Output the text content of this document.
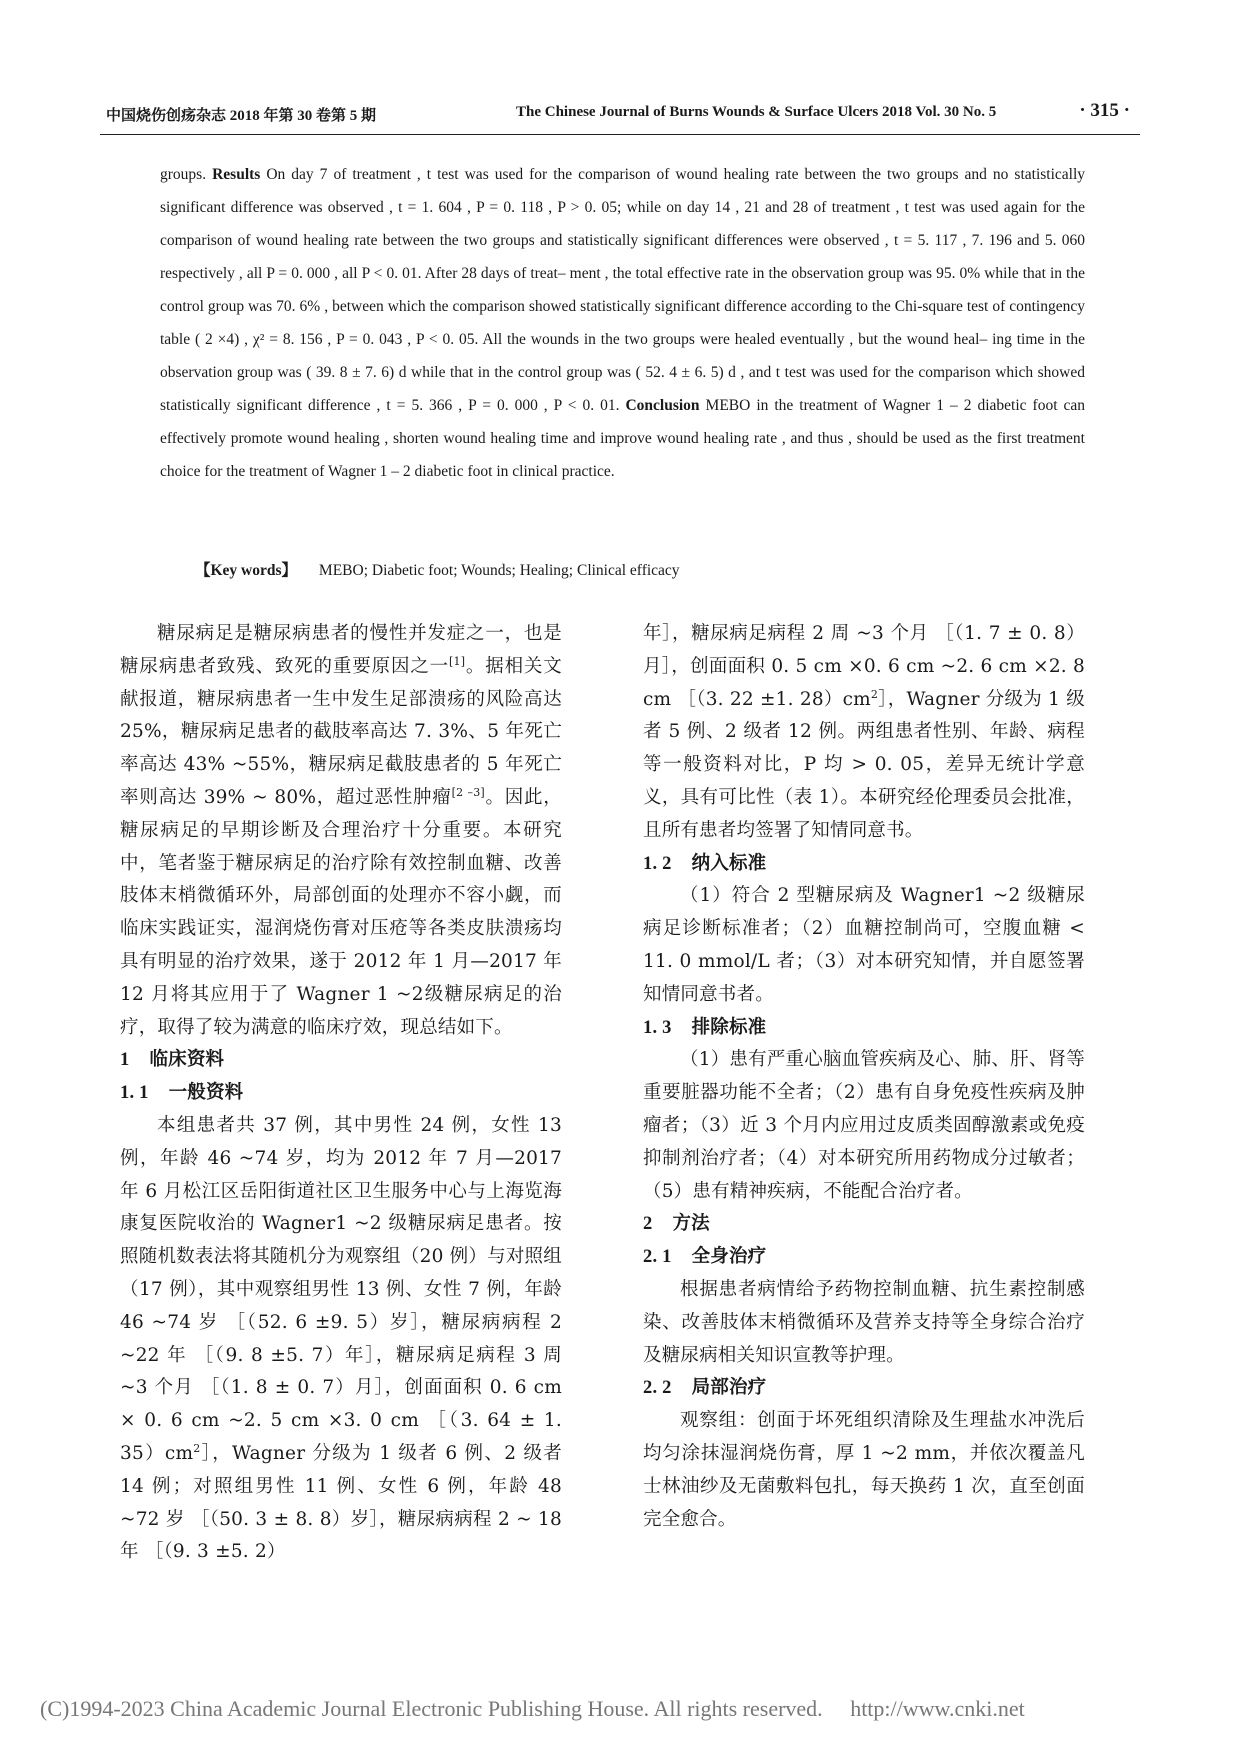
中国烧伤创疡杂志 2018 年第 30 卷第 5 期	The Chinese Journal of Burns Wounds & Surface Ulcers 2018 Vol. 30 No. 5	· 315 ·
groups. Results On day 7 of treatment , t test was used for the comparison of wound healing rate between the two groups and no statistically significant difference was observed , t = 1. 604 , P = 0. 118 , P > 0. 05; while on day 14 , 21 and 28 of treatment , t test was used again for the comparison of wound healing rate between the two groups and statistically significant differences were observed , t = 5. 117 , 7. 196 and 5. 060 respectively , all P = 0. 000 , all P < 0. 01. After 28 days of treat– ment , the total effective rate in the observation group was 95. 0% while that in the control group was 70. 6% , between which the comparison showed statistically significant difference according to the Chi-square test of contingency table ( 2 ×4) , χ² = 8. 156 , P = 0. 043 , P < 0. 05. All the wounds in the two groups were healed eventually , but the wound heal– ing time in the observation group was ( 39. 8 ± 7. 6) d while that in the control group was ( 52. 4 ± 6. 5) d , and t test was used for the comparison which showed statistically significant difference , t = 5. 366 , P = 0. 000 , P < 0. 01. Conclusion MEBO in the treatment of Wagner 1 – 2 diabetic foot can effectively promote wound healing , shorten wound healing time and improve wound healing rate , and thus , should be used as the first treatment choice for the treatment of Wagner 1 – 2 diabetic foot in clinical practice.
【Key words】 MEBO; Diabetic foot; Wounds; Healing; Clinical efficacy

糖尿病足是糖尿病患者的慢性并发症之一，也是糖尿病患者致残、致死的重要原因之一[1]。据相关文献报道，糖尿病患者一生中发生足部溃疡的风险高达 25%，糖尿病足患者的截肢率高达 7. 3%、5 年死亡率高达 43% ~55%，糖尿病足截肢患者的 5 年死亡率则高达 39% ~ 80%，超过恶性肿瘤[2 –3]。因此，糖尿病足的早期诊断及合理治疗十分重要。本研究中，笔者鉴于糖尿病足的治疗除有效控制血糖、改善肢体末梢微循环外，局部创面的处理亦不容小觑，而临床实践证实，湿润烧伤膏对压疮等各类皮肤溃疡均具有明显的治疗效果，遂于 2012 年 1 月—2017 年 12 月将其应用于了 Wagner 1 ~2级糖尿病足的治疗，取得了较为满意的临床疗效，现总结如下。

1 临床资料
1. 1 一般资料

本组患者共 37 例，其中男性 24 例，女性 13 例，年龄 46 ~74 岁，均为 2012 年 7 月—2017 年 6 月松江区岳阳街道社区卫生服务中心与上海览海康复医院收治的 Wagner1 ~2 级糖尿病足患者。按照随机数表法将其随机分为观察组（20 例）与对照组（17 例），其中观察组男性 13 例、女性 7 例，年龄 46 ~74 岁 ［（52. 6 ±9. 5）岁］，糖尿病病程 2 ~22 年 ［（9. 8 ±5. 7）年］，糖尿病足病程 3 周 ~3 个月 ［（1. 8 ± 0. 7）月］，创面面积 0. 6 cm × 0. 6 cm ~2. 5 cm ×3. 0 cm ［（3. 64 ± 1. $35)cm^2]$，Wagner 分级为 1 级者 6 例、2 级者 14 例；对照组男性 11 例、女性 6 例，年龄 48 ~72 岁 ［（50. 3 ± 8. 8）岁］，糖尿病病程 2 ~ 18 年 ［（9. 3 ±5. 2）

年］，糖尿病足病程 2 周 ~3 个月 ［（1. 7 ± 0. 8）月］，创面面积 0. 5 cm ×0. 6 cm ~2. 6 cm ×2. 8 cm ［（3. 22 ±1. $28)cm^2]$，Wagner 分级为 1 级者 5 例、2 级者 12 例。两组患者性别、年龄、病程等一般资料对比，P 均 > 0. 05，差异无统计学意义，具有可比性（表 1）。本研究经伦理委员会批准，且所有患者均签署了知情同意书。

1. 2 纳入标准

（1）符合 2 型糖尿病及 Wagner1 ~2 级糖尿病足诊断标准者；（2）血糖控制尚可，空腹血糖 < 11. 0 mmol/L 者；（3）对本研究知情，并自愿签署知情同意书者。

1. 3 排除标准

（1）患有严重心脑血管疾病及心、肺、肝、肾等重要脏器功能不全者；（2）患有自身免疫性疾病及肿瘤者；（3）近 3 个月内应用过皮质类固醇激素或免疫抑制剂治疗者；（4）对本研究所用药物成分过敏者；（5）患有精神疾病，不能配合治疗者。

2 方法
2. 1 全身治疗

根据患者病情给予药物控制血糖、抗生素控制感染、改善肢体末梢微循环及营养支持等全身综合治疗及糖尿病相关知识宣教等护理。

2. 2 局部治疗

观察组：创面于坏死组织清除及生理盐水冲洗后均匀涂抹湿润烧伤膏，厚 1 ~2 mm，并依次覆盖凡士林油纱及无菌敷料包扎，每天换药 1 次，直至创面完全愈合。

(C)1994-2023 China Academic Journal Electronic Publishing House. All rights reserved. http://www.cnki.net
